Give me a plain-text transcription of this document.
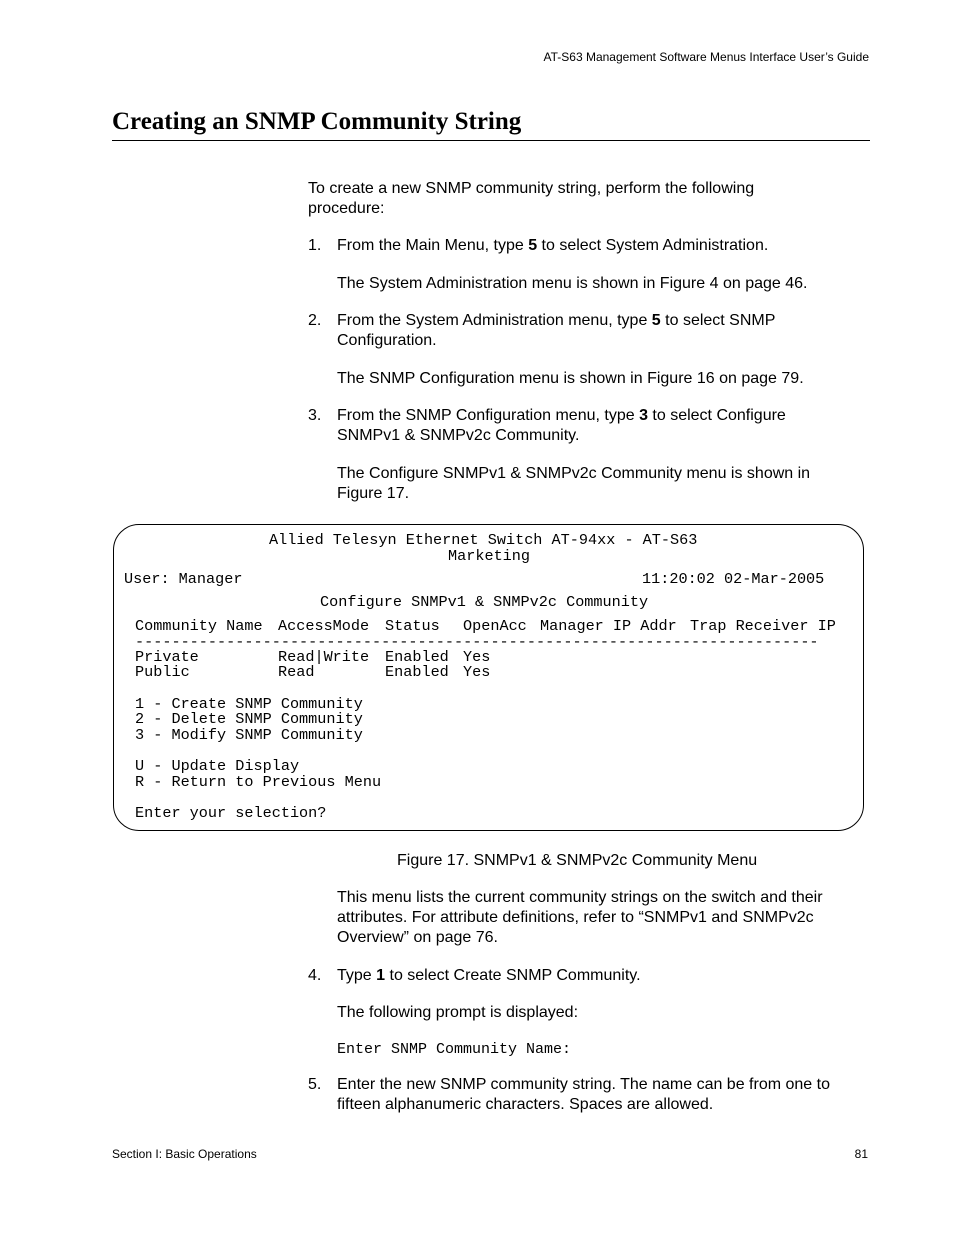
AT-S63 Management Software Menus Interface User’s Guide
Creating an SNMP Community String
To create a new SNMP community string, perform the following procedure:
1. From the Main Menu, type 5 to select System Administration.
The System Administration menu is shown in Figure 4 on page 46.
2. From the System Administration menu, type 5 to select SNMP Configuration.
The SNMP Configuration menu is shown in Figure 16 on page 79.
3. From the SNMP Configuration menu, type 3 to select Configure SNMPv1 & SNMPv2c Community.
The Configure SNMPv1 & SNMPv2c Community menu is shown in Figure 17.
Allied Telesyn Ethernet Switch AT-94xx - AT-S63
Marketing
User: Manager	11:20:02 02-Mar-2005
Configure SNMPv1 & SNMPv2c Community
Community Name AccessMode Status OpenAcc Manager IP Addr Trap Receiver IP
---------------------------------------------------------------------------
Private	Read|Write Enabled Yes
Public	Read	Enabled Yes
1 - Create SNMP Community
2 - Delete SNMP Community
3 - Modify SNMP Community
U - Update Display
R - Return to Previous Menu
Enter your selection?
Figure 17. SNMPv1 & SNMPv2c Community Menu
This menu lists the current community strings on the switch and their attributes. For attribute definitions, refer to “SNMPv1 and SNMPv2c Overview” on page 76.
4. Type 1 to select Create SNMP Community.
The following prompt is displayed:
Enter SNMP Community Name:
5. Enter the new SNMP community string. The name can be from one to fifteen alphanumeric characters. Spaces are allowed.
Section I: Basic Operations	81
